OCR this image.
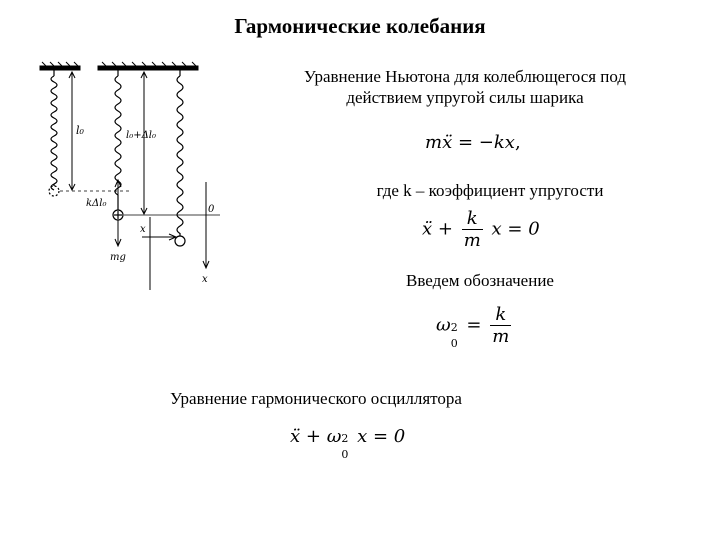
Гармонические колебания
l₀
kΔl₀
mg
l₀+Δl₀
0
x
x
Уравнение Ньютона для колеблющегося под действием упругой силы шарика
mẍ = −kx,
где k – коэффициент упругости
ẍ + $\frac{k}{m}$ x = 0
Введем обозначение
ω 2
0
= $\frac{k}{m}$
Уравнение гармонического осциллятора
ẍ + ω 2
0
x = 0
